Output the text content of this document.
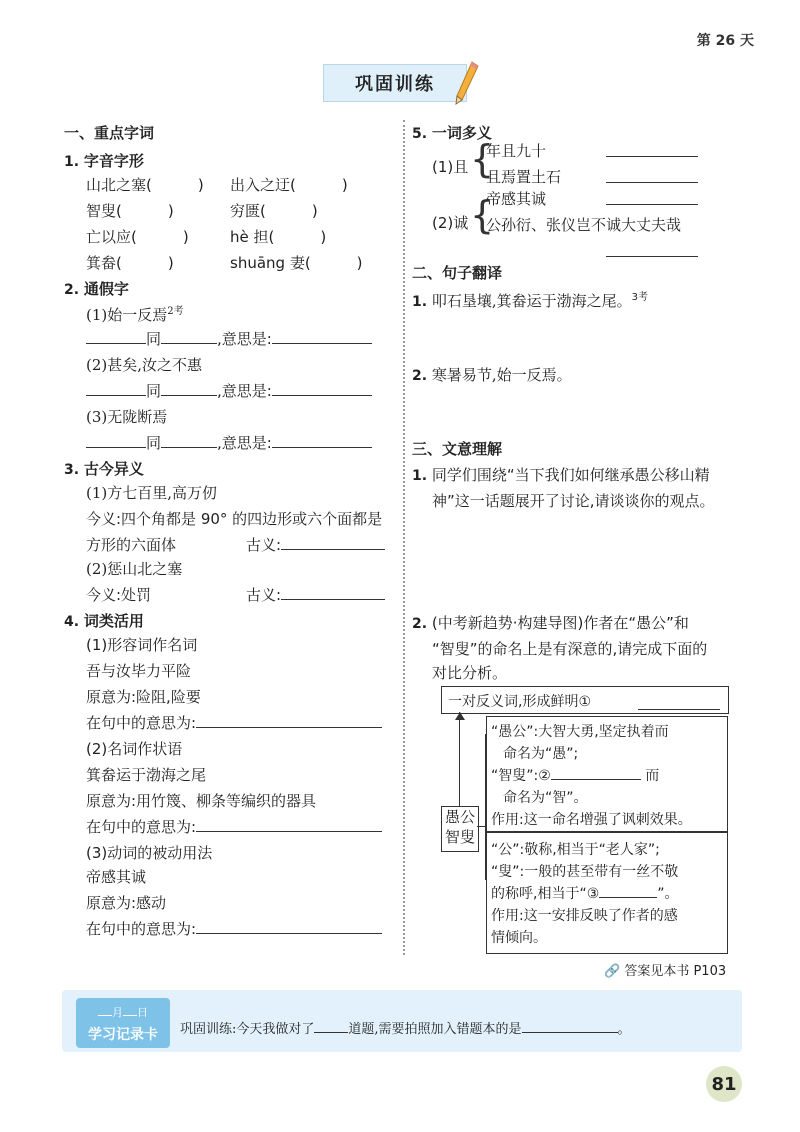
第 26 天
巩固训练
一、重点字词
1. 字音字形
山北之塞(	) 出入之迂(	)
智叟(	)	穷匮(	)
亡以应(	)	hè 担(	)
箕畚(	)	shuāng 妻(	)
2. 通假字
(1)始一反焉$^{2考}$
同	,意思是:
(2)甚矣,汝之不惠
同	,意思是:
(3)无陇断焉
同	,意思是:
3. 古今异义
(1)方七百里,高万仞
今义:四个角都是 90° 的四边形或六个面都是
方形的六面体	古义:
(2)惩山北之塞
今义:处罚	古义:
4. 词类活用
(1)形容词作名词
吾与汝毕力平险
原意为:险阻,险要
在句中的意思为:
(2)名词作状语
箕畚运于渤海之尾
原意为:用竹篾、柳条等编织的器具
在句中的意思为:
(3)动词的被动用法
帝感其诚
原意为:感动
在句中的意思为:
5. 一词多义
(1)且 {
年且九十
且焉置土石
(2)诚 {
帝感其诚
公孙衍、张仪岂不诚大丈夫哉
二、句子翻译
1. 叩石垦壤,箕畚运于渤海之尾。$^{3考}$
2. 寒暑易节,始一反焉。
三、文意理解
1. 同学们围绕“当下我们如何继承愚公移山精
神”这一话题展开了讨论,请谈谈你的观点。
2. (中考新趋势·构建导图)作者在“愚公”和
“智叟”的命名上是有深意的,请完成下面的
对比分析。
一对反义词,形成鲜明①
愚公
智叟
“愚公”:大智大勇,坚定执着而
命名为“愚”;
“智叟”:②	而
命名为“智”。
作用:这一命名增强了讽刺效果。
“公”:敬称,相当于“老人家”;
“叟”:一般的甚至带有一丝不敬
的称呼,相当于“③	”。
作用:这一安排反映了作者的感
情倾向。
🔗 答案见本书 P103
月 日
学习记录卡	巩固训练:今天我做对了	道题,需要拍照加入错题本的是	。
81
